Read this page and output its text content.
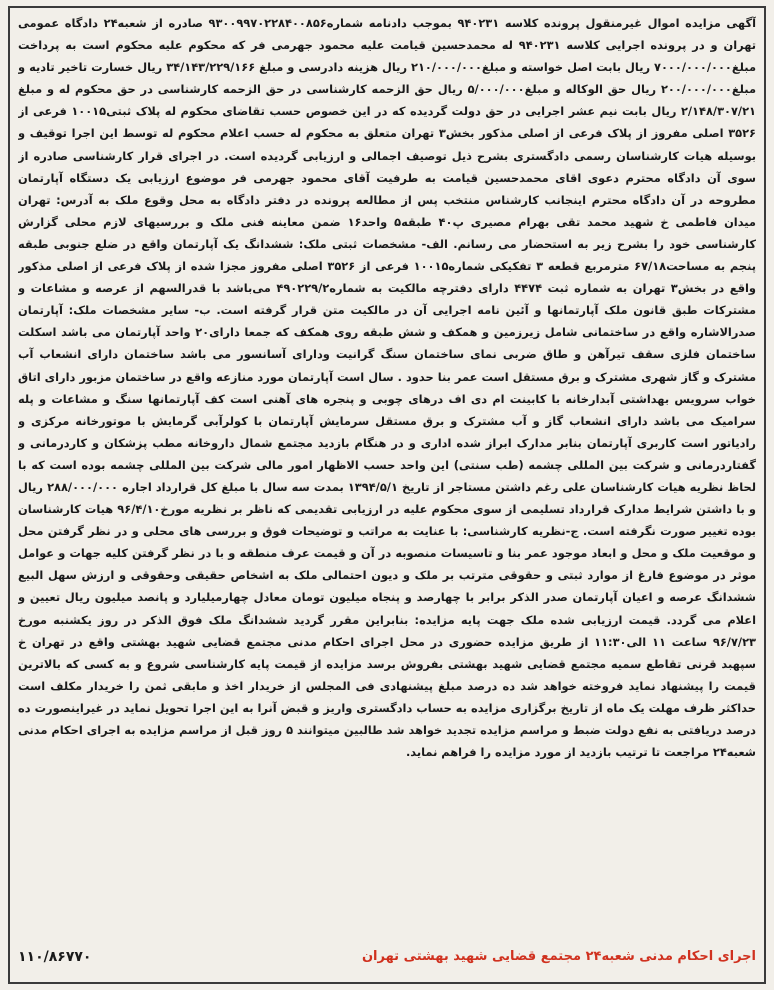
آگهی مزایده اموال غیرمنقول پرونده کلاسه ۹۴۰۲۳۱ بموجب دادنامه شماره۹۳۰۰۹۹۷۰۲۲۸۴۰۰۸۵۶ صادره از شعبه۲۴ دادگاه عمومی تهران و در پرونده اجرایی کلاسه ۹۴۰۲۳۱ له محمدحسین قیامت علیه محمود جهرمی فر که محکوم علیه محکوم است به پرداخت مبلغ۷۰۰۰/۰۰۰/۰۰۰ ریال بابت اصل خواسته و مبلغ۲۱۰/۰۰۰/۰۰۰ ریال هزینه دادرسی و مبلغ ۳۴/۱۴۳/۲۲۹/۱۶۶ ریال خسارت تاخیر تادیه و مبلغ۲۰۰/۰۰۰/۰۰۰ ریال حق الوکاله و مبلغ۵/۰۰۰/۰۰۰ ریال حق الزحمه کارشناسی در حق الزحمه کارشناسی در حق محکوم له و مبلغ ۲/۱۴۸/۳۰۷/۲۱ ریال بابت نیم عشر اجرایی در حق دولت گردیده که در این خصوص حسب تقاضای محکوم له پلاک ثبتی۱۰۰۱۵ فرعی از ۳۵۲۶ اصلی مفروز از پلاک فرعی از اصلی مذکور بخش۳ تهران متعلق به محکوم له حسب اعلام محکوم له توسط این اجرا توقیف و بوسیله هیات کارشناسان رسمی دادگستری بشرح ذیل توصیف اجمالی و ارزیابی گردیده است. در اجرای قرار کارشناسی صادره از سوی آن دادگاه محترم دعوی اقای محمدحسین قیامت به طرفیت آقای محمود جهرمی فر موضوع ارزیابی یک دستگاه آپارتمان مطروحه در آن دادگاه محترم اینجانب کارشناس منتخب پس از مطالعه پرونده در دفتر دادگاه به محل وقوع ملک به آدرس: تهران میدان فاطمی خ شهید محمد تقی بهرام مصیری پ۴۰ طبقه۵ واحد۱۶ ضمن معاینه فنی ملک و بررسیهای لازم محلی گزارش کارشناسی خود را بشرح زیر به استحضار می رسانم. الف- مشخصات ثبتی ملک: ششدانگ یک آپارتمان واقع در ضلع جنوبی طبقه پنجم به مساحت۶۷/۱۸ مترمربع قطعه ۳ تفکیکی شماره۱۰۰۱۵ فرعی از ۳۵۲۶ اصلی مفروز مجزا شده از پلاک فرعی از اصلی مذکور واقع در بخش۳ تهران به شماره ثبت ۴۴۷۴ دارای دفترچه مالکیت به شماره۴۹۰۲۲۹/۲ می‌باشد با قدرالسهم از عرصه و مشاعات و مشترکات طبق قانون ملک آپارتمانها و آئین نامه اجرایی آن در مالکیت متن قرار گرفته است. ب- سایر مشخصات ملک: آپارتمان صدرالاشاره واقع در ساختمانی شامل زیرزمین و همکف و شش طبقه روی همکف که جمعا دارای۲۰ واحد آپارتمان می باشد اسکلت ساختمان فلزی سقف تیرآهن و طاق ضربی نمای ساختمان سنگ گرانیت ودارای آسانسور می باشد ساختمان دارای انشعاب آب مشترک و گاز شهری مشترک و برق مستقل است عمر بنا حدود . سال است آپارتمان مورد منازعه واقع در ساختمان مزبور دارای اتاق خواب سرویس بهداشتی آبدارخانه با کابینت ام دی اف درهای چوبی و پنجره های آهنی است کف آپارتمانها سنگ و مشاعات و پله سرامیک می باشد دارای انشعاب گاز و آب مشترک و برق مستقل سرمایش آپارتمان با کولرآبی گرمایش با موتورخانه مرکزی و رادیاتور است کاربری آپارتمان بنابر مدارک ابراز شده اداری و در هنگام بازدید مجتمع شمال داروخانه مطب پزشکان و کاردرمانی و گفتاردرمانی و شرکت بین المللی چشمه (طب سنتی) این واحد حسب الاظهار امور مالی شرکت بین المللی چشمه بوده است که با لحاظ نظریه هیات کارشناسان علی رغم داشتن مستاجر از تاریخ ۱۳۹۴/۵/۱ بمدت سه سال با مبلغ کل قرارداد اجاره ۲۸۸/۰۰۰/۰۰۰ ریال و با داشتن شرایط مدارک قرارداد تسلیمی از سوی محکوم علیه در ارزیابی تقدیمی که ناظر بر نظریه مورخ۹۶/۴/۱۰ هیات کارشناسان بوده تغییر صورت نگرفته است. ج-نظریه کارشناسی: با عنایت به مراتب و توضیحات فوق و بررسی های محلی و در نظر گرفتن محل و موقعیت ملک و محل و ابعاد موجود عمر بنا و تاسیسات منصوبه در آن و قیمت عرف منطقه و با در نظر گرفتن کلیه جهات و عوامل موثر در موضوع فارغ از موارد ثبتی و حقوقی مترتب بر ملک و دیون احتمالی ملک به اشخاص حقیقی وحقوقی و ارزش سهل البیع ششدانگ عرصه و اعیان آپارتمان صدر الذکر برابر با چهارصد و پنجاه میلیون تومان معادل چهارمیلیارد و پانصد میلیون ریال تعیین و اعلام می گردد. قیمت ارزیابی شده ملک جهت پایه مزایده: بنابراین مقرر گردید ششدانگ ملک فوق الذکر در روز یکشنبه مورخ ۹۶/۷/۲۳ ساعت ۱۱ الی۱۱:۳۰ از طریق مزایده حضوری در محل اجرای احکام مدنی مجتمع قضایی شهید بهشتی واقع در تهران خ سپهبد قرنی تقاطع سمیه مجتمع قضایی شهید بهشتی بفروش برسد مزایده از قیمت پایه کارشناسی شروع و به کسی که بالاترین قیمت را پیشنهاد نماید فروخته خواهد شد ده درصد مبلغ پیشنهادی فی المجلس از خریدار اخذ و مابقی ثمن را خریدار مکلف است حداکثر ظرف مهلت یک ماه از تاریخ برگزاری مزایده به حساب دادگستری واریز و قبض آنرا به این اجرا تحویل نماید در غیراینصورت ده درصد دریافتی به نفع دولت ضبط و مراسم مزایده تجدید خواهد شد طالبین میتوانند ۵ روز قبل از مراسم مزایده به اجرای احکام مدنی شعبه۲۴ مراجعت تا ترتیب بازدید از مورد مزایده را فراهم نماید.

اجرای احکام مدنی شعبه۲۴ مجتمع قضایی شهید بهشتی تهران
۱۱۰/۸۶۷۷۰
